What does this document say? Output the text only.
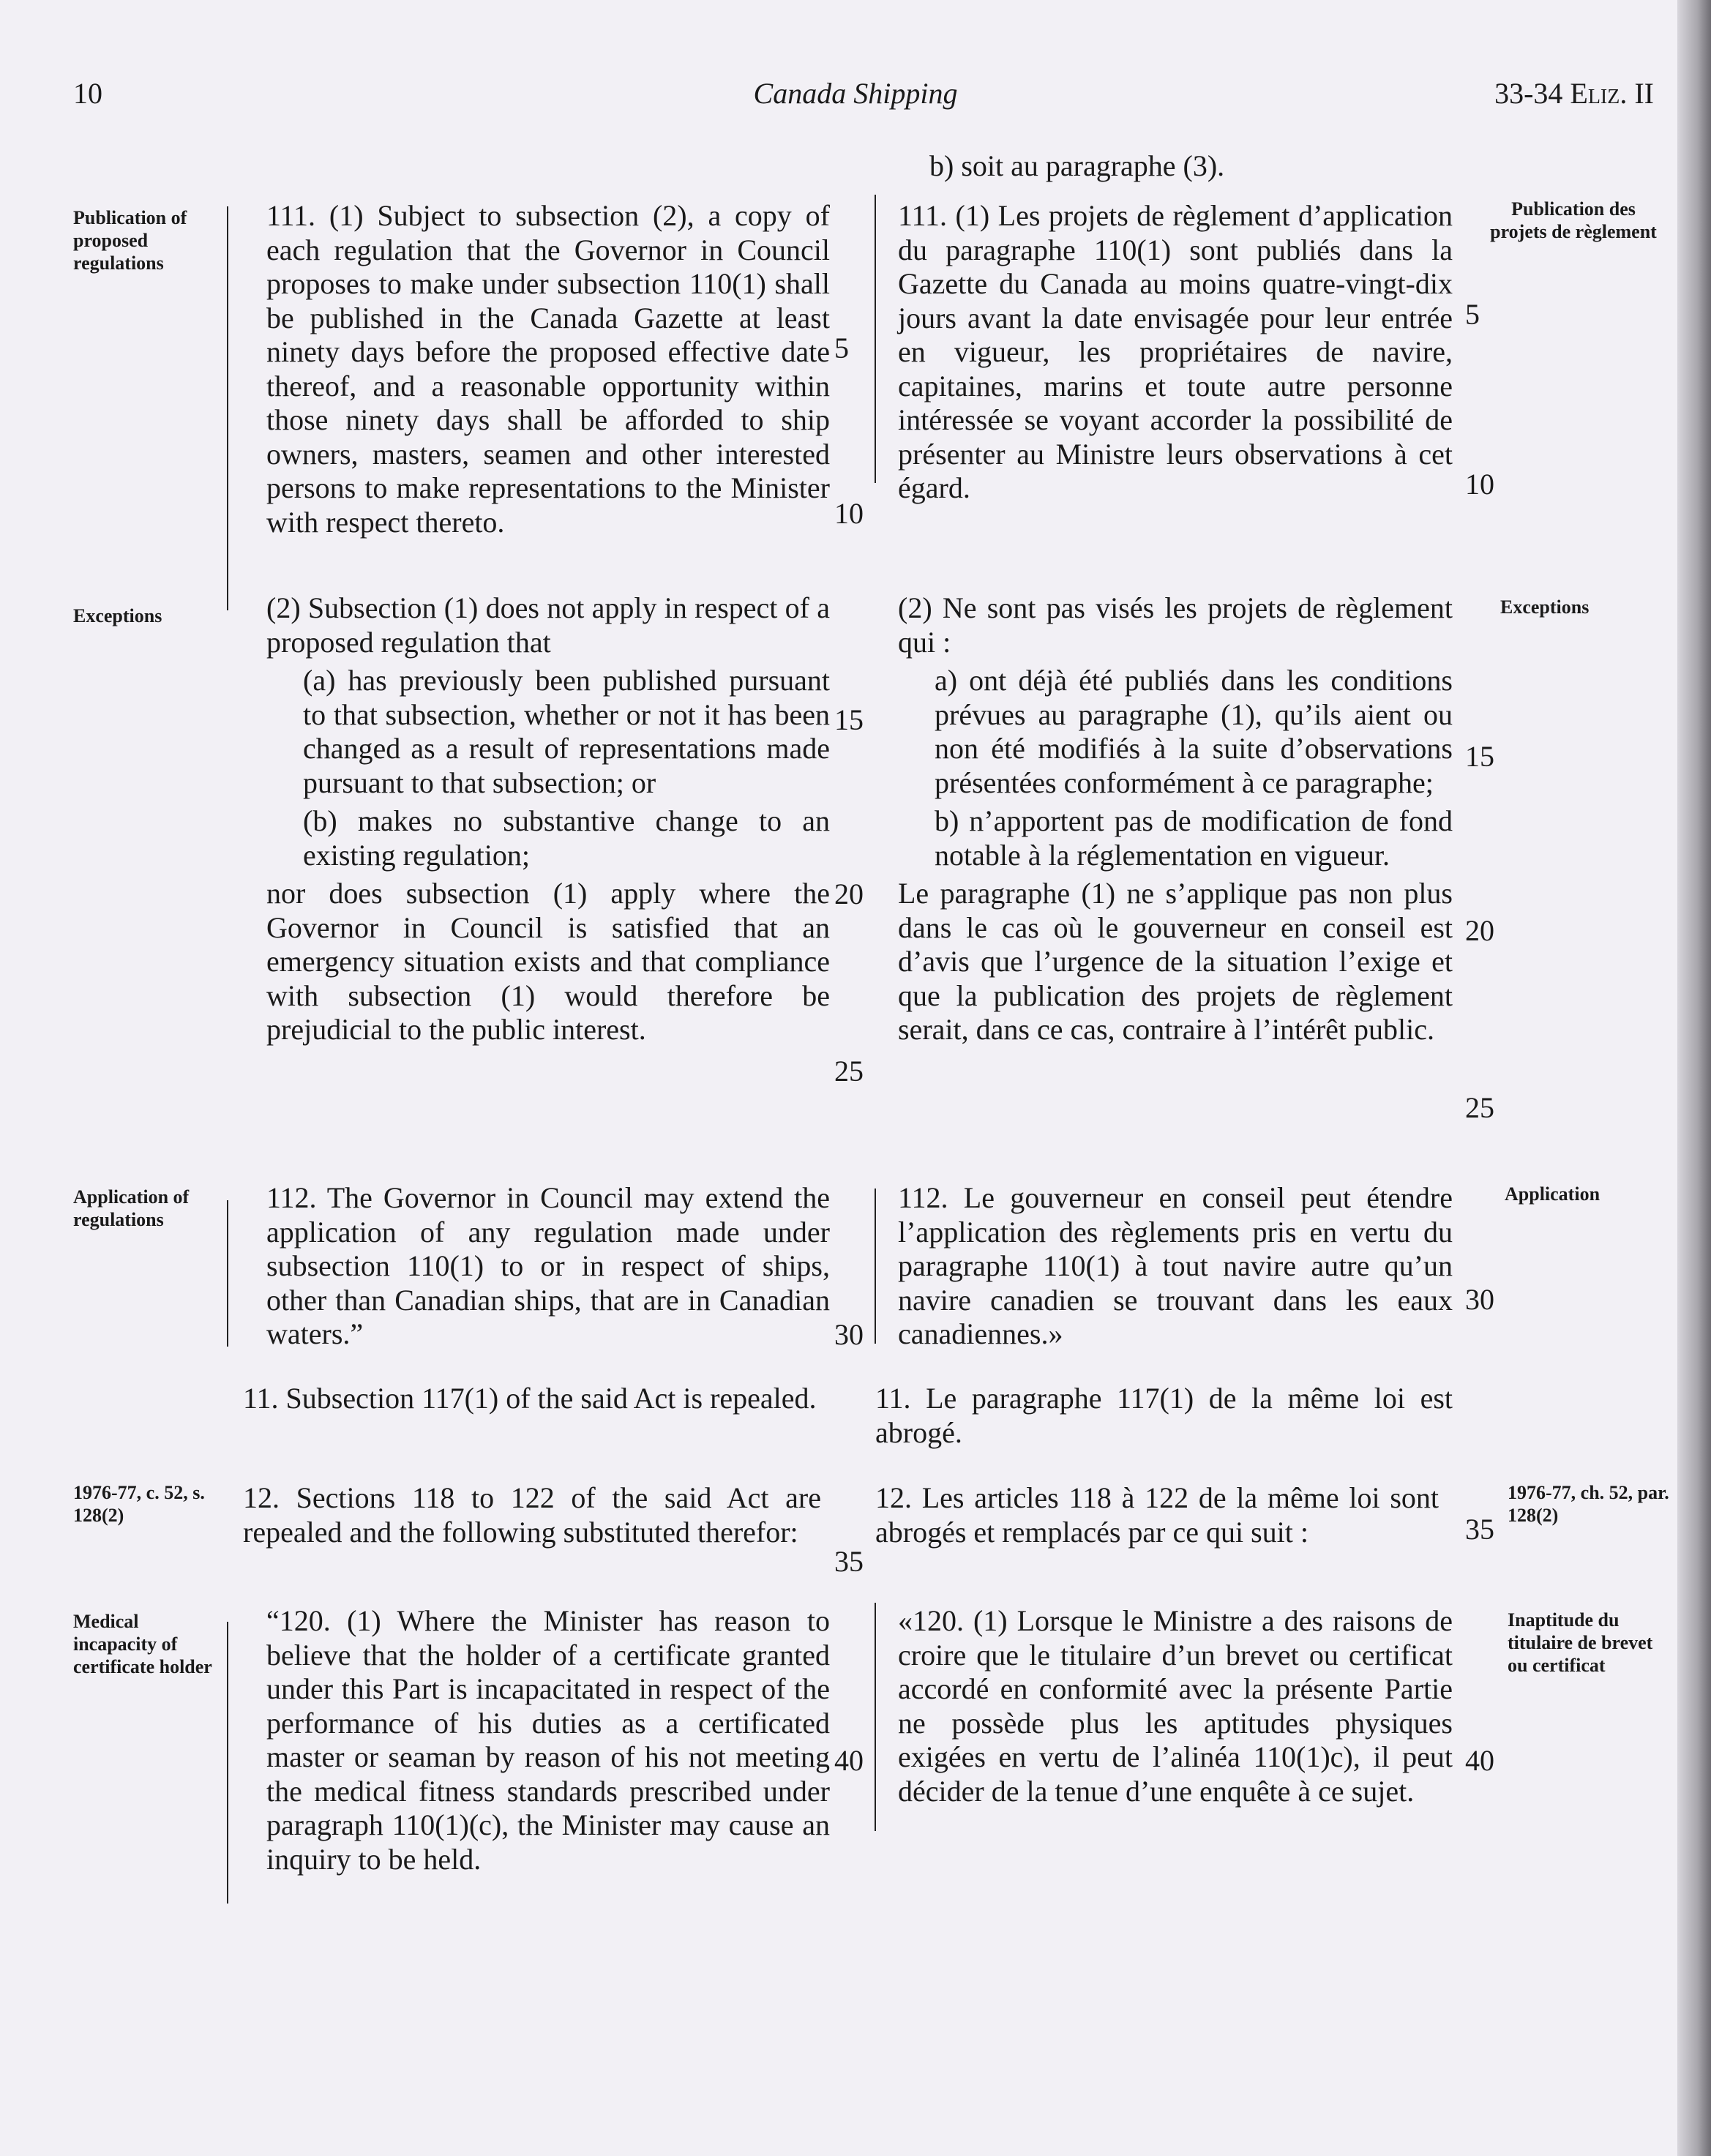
10	Canada Shipping	33-34 Eliz. II
Publication of proposed regulations
Exceptions
Application of regulations
1976-77, c. 52, s. 128(2)
Medical incapacity of certificate holder
Publication des projets de règlement
Exceptions
Application
1976-77, ch. 52, par. 128(2)
Inaptitude du titulaire de brevet ou certificat

111. (1) Subject to subsection (2), a copy of each regulation that the Governor in Council proposes to make under subsection 110(1) shall be published in the Canada Gazette at least ninety days before the proposed effective date thereof, and a reasonable opportunity within those ninety days shall be afforded to ship owners, masters, seamen and other interested persons to make representations to the Minister with respect thereto.

(2) Subsection (1) does not apply in respect of a proposed regulation that

(a) has previously been published pursuant to that subsection, whether or not it has been changed as a result of representations made pursuant to that subsection; or

(b) makes no substantive change to an existing regulation;

nor does subsection (1) apply where the Governor in Council is satisfied that an emergency situation exists and that compliance with subsection (1) would therefore be prejudicial to the public interest.

112. The Governor in Council may extend the application of any regulation made under subsection 110(1) to or in respect of ships, other than Canadian ships, that are in Canadian waters.”

11. Subsection 117(1) of the said Act is repealed.

12. Sections 118 to 122 of the said Act are repealed and the following substituted therefor:

“120. (1) Where the Minister has reason to believe that the holder of a certificate granted under this Part is incapacitated in respect of the performance of his duties as a certificated master or seaman by reason of his not meeting the medical fitness standards prescribed under paragraph 110(1)(c), the Minister may cause an inquiry to be held.

b) soit au paragraphe (3).

111. (1) Les projets de règlement d’application du paragraphe 110(1) sont publiés dans la Gazette du Canada au moins quatre-vingt-dix jours avant la date envisagée pour leur entrée en vigueur, les propriétaires de navire, capitaines, marins et toute autre personne intéressée se voyant accorder la possibilité de présenter au Ministre leurs observations à cet égard.

(2) Ne sont pas visés les projets de règlement qui :

a) ont déjà été publiés dans les conditions prévues au paragraphe (1), qu’ils aient ou non été modifiés à la suite d’observations présentées conformément à ce paragraphe;

b) n’apportent pas de modification de fond notable à la réglementation en vigueur.

Le paragraphe (1) ne s’applique pas non plus dans le cas où le gouverneur en conseil est d’avis que l’urgence de la situation l’exige et que la publication des projets de règlement serait, dans ce cas, contraire à l’intérêt public.

112. Le gouverneur en conseil peut étendre l’application des règlements pris en vertu du paragraphe 110(1) à tout navire autre qu’un navire canadien se trouvant dans les eaux canadiennes.»

11. Le paragraphe 117(1) de la même loi est abrogé.

12. Les articles 118 à 122 de la même loi sont abrogés et remplacés par ce qui suit :

«120. (1) Lorsque le Ministre a des raisons de croire que le titulaire d’un brevet ou certificat accordé en conformité avec la présente Partie ne possède plus les aptitudes physiques exigées en vertu de l’alinéa 110(1)c), il peut décider de la tenue d’une enquête à ce sujet.

5
10
15
20
25
30
35
40
5
10
15
20
25
30
35
40
